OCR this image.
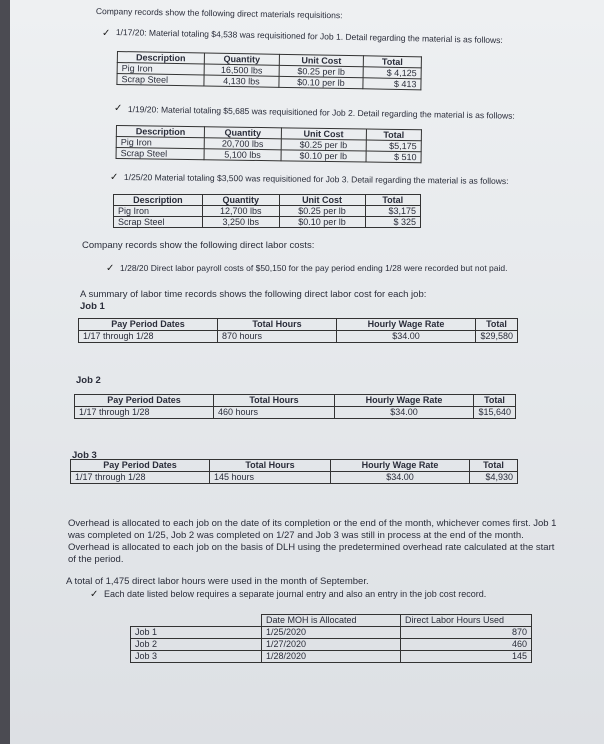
Company records show the following direct materials requisitions:
✓ 1/17/20: Material totaling $4,538 was requisitioned for Job 1. Detail regarding the material is as follows:
Description	Quantity	Unit Cost	Total
Pig Iron	16,500 lbs	$0.25 per lb	$ 4,125
Scrap Steel	4,130 lbs	$0.10 per lb	$ 413
✓ 1/19/20: Material totaling $5,685 was requisitioned for Job 2. Detail regarding the material is as follows:
Description	Quantity	Unit Cost	Total
Pig Iron	20,700 lbs	$0.25 per lb	$5,175
Scrap Steel	5,100 lbs	$0.10 per lb	$ 510
✓ 1/25/20 Material totaling $3,500 was requisitioned for Job 3. Detail regarding the material is as follows:
Description	Quantity	Unit Cost	Total
Pig Iron	12,700 lbs	$0.25 per lb	$3,175
Scrap Steel	3,250 lbs	$0.10 per lb	$ 325
Company records show the following direct labor costs:
✓ 1/28/20 Direct labor payroll costs of $50,150 for the pay period ending 1/28 were recorded but not paid.
A summary of labor time records shows the following direct labor cost for each job:
Job 1
Pay Period Dates	Total Hours	Hourly Wage Rate	Total
1/17 through 1/28	870 hours	$34.00	$29,580
Job 2
Pay Period Dates	Total Hours	Hourly Wage Rate	Total
1/17 through 1/28	460 hours	$34.00	$15,640
Job 3
Pay Period Dates	Total Hours	Hourly Wage Rate	Total
1/17 through 1/28	145 hours	$34.00	$4,930
Overhead is allocated to each job on the date of its completion or the end of the month, whichever comes first. Job 1
was completed on 1/25, Job 2 was completed on 1/27 and Job 3 was still in process at the end of the month.
Overhead is allocated to each job on the basis of DLH using the predetermined overhead rate calculated at the start
of the period.
A total of 1,475 direct labor hours were used in the month of September.
✓ Each date listed below requires a separate journal entry and also an entry in the job cost record.
	Date MOH is Allocated	Direct Labor Hours Used
Job 1	1/25/2020	870
Job 2	1/27/2020	460
Job 3	1/28/2020	145
